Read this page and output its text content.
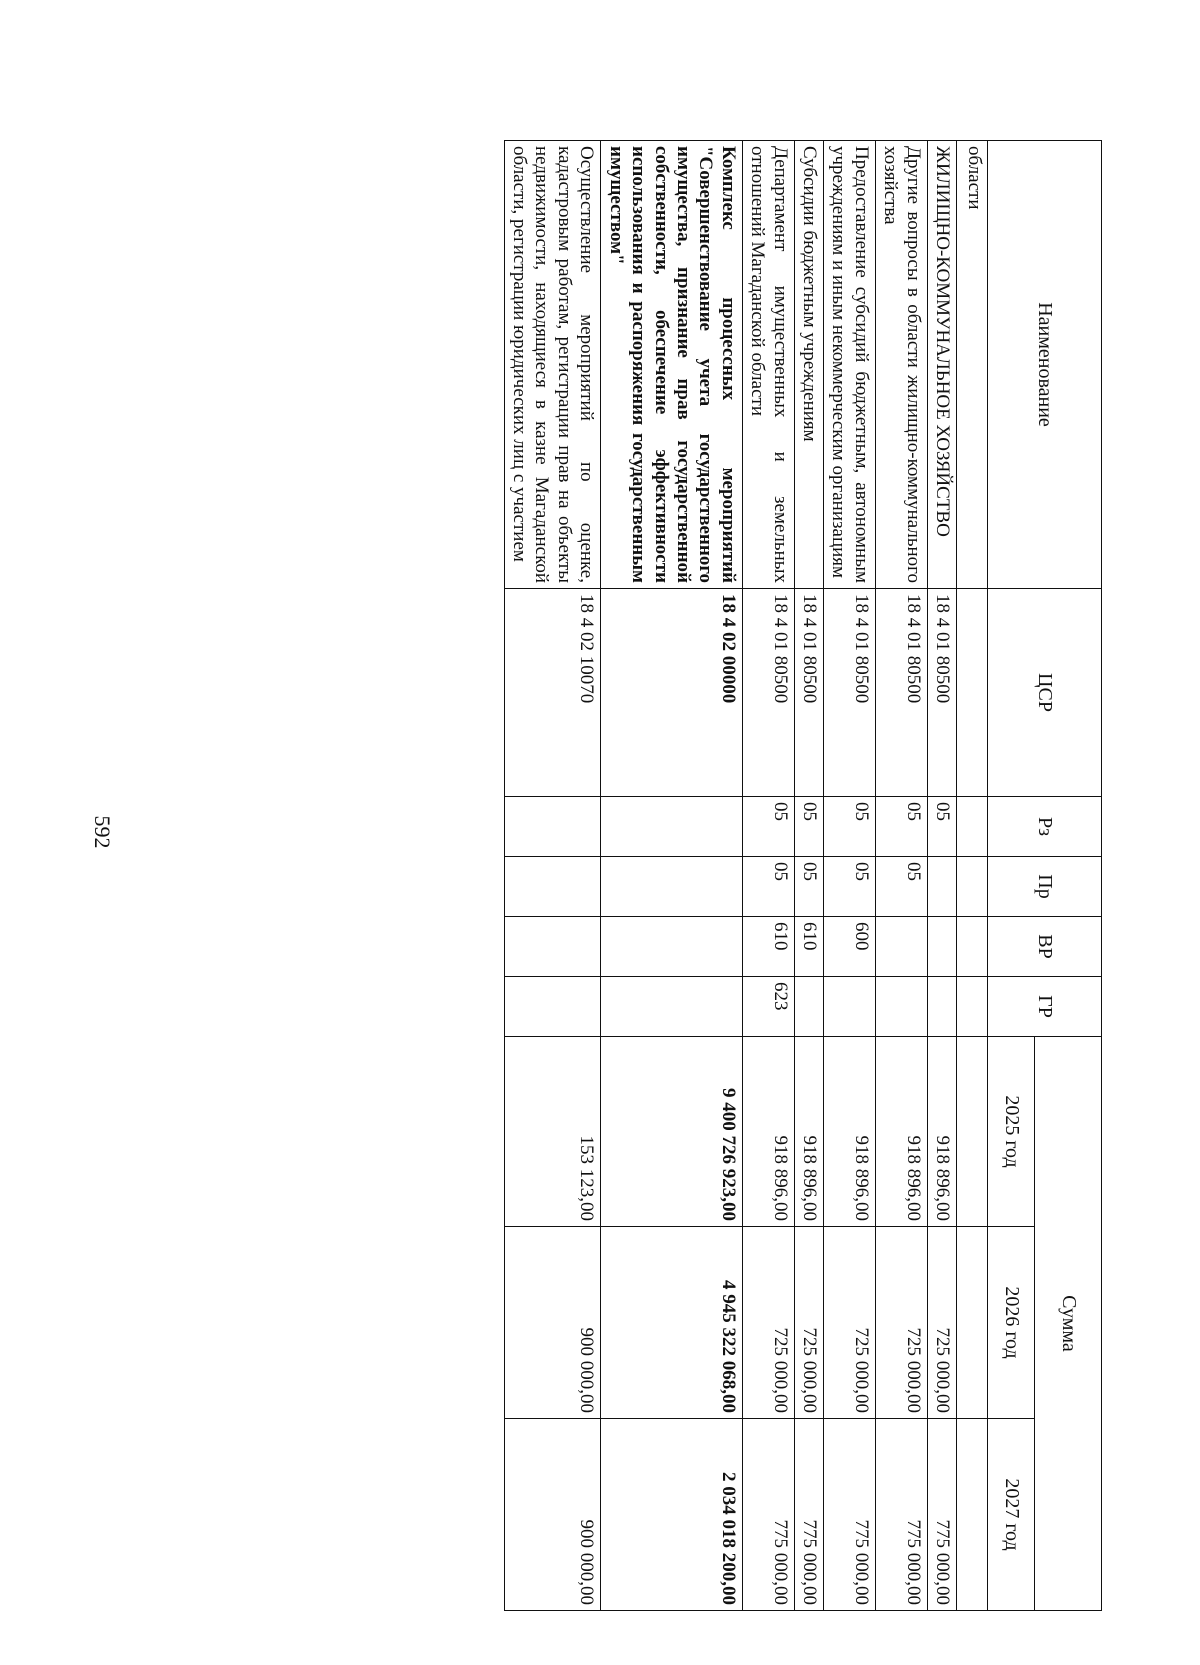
592
Наименование	ЦСР	Рз	Пр	ВР	ГР	Сумма		
						2025 год	2026 год	2027 год
области								
ЖИЛИЩНО-КОММУНАЛЬНОЕ ХОЗЯЙСТВО	18 4 01 80500	05				918 896,00	725 000,00	775 000,00
Другие вопросы в области жилищно-коммунального хозяйства	18 4 01 80500	05	05			918 896,00	725 000,00	775 000,00
Предоставление субсидий бюджетным, автономным учреждениям и иным некоммерческим организациям	18 4 01 80500	05	05	600		918 896,00	725 000,00	775 000,00
Субсидии бюджетным учреждениям	18 4 01 80500	05	05	610		918 896,00	725 000,00	775 000,00
Департамент имущественных и земельных отношений Магаданской области	18 4 01 80500	05	05	610	623	918 896,00	725 000,00	775 000,00
Комплекс процессных мероприятий "Совершенствование учета государственного имущества, признание прав государственной собственности, обеспечение эффективности использования и распоряжения государственным имуществом"	18 4 02 00000					9 400 726 923,00	4 945 322 068,00	2 034 018 200,00
Осуществление мероприятий по оценке, кадастровым работам, регистрации прав на объекты недвижимости, находящиеся в казне Магаданской области, регистрации юридических лиц с участием	18 4 02 10070					153 123,00	900 000,00	900 000,00
